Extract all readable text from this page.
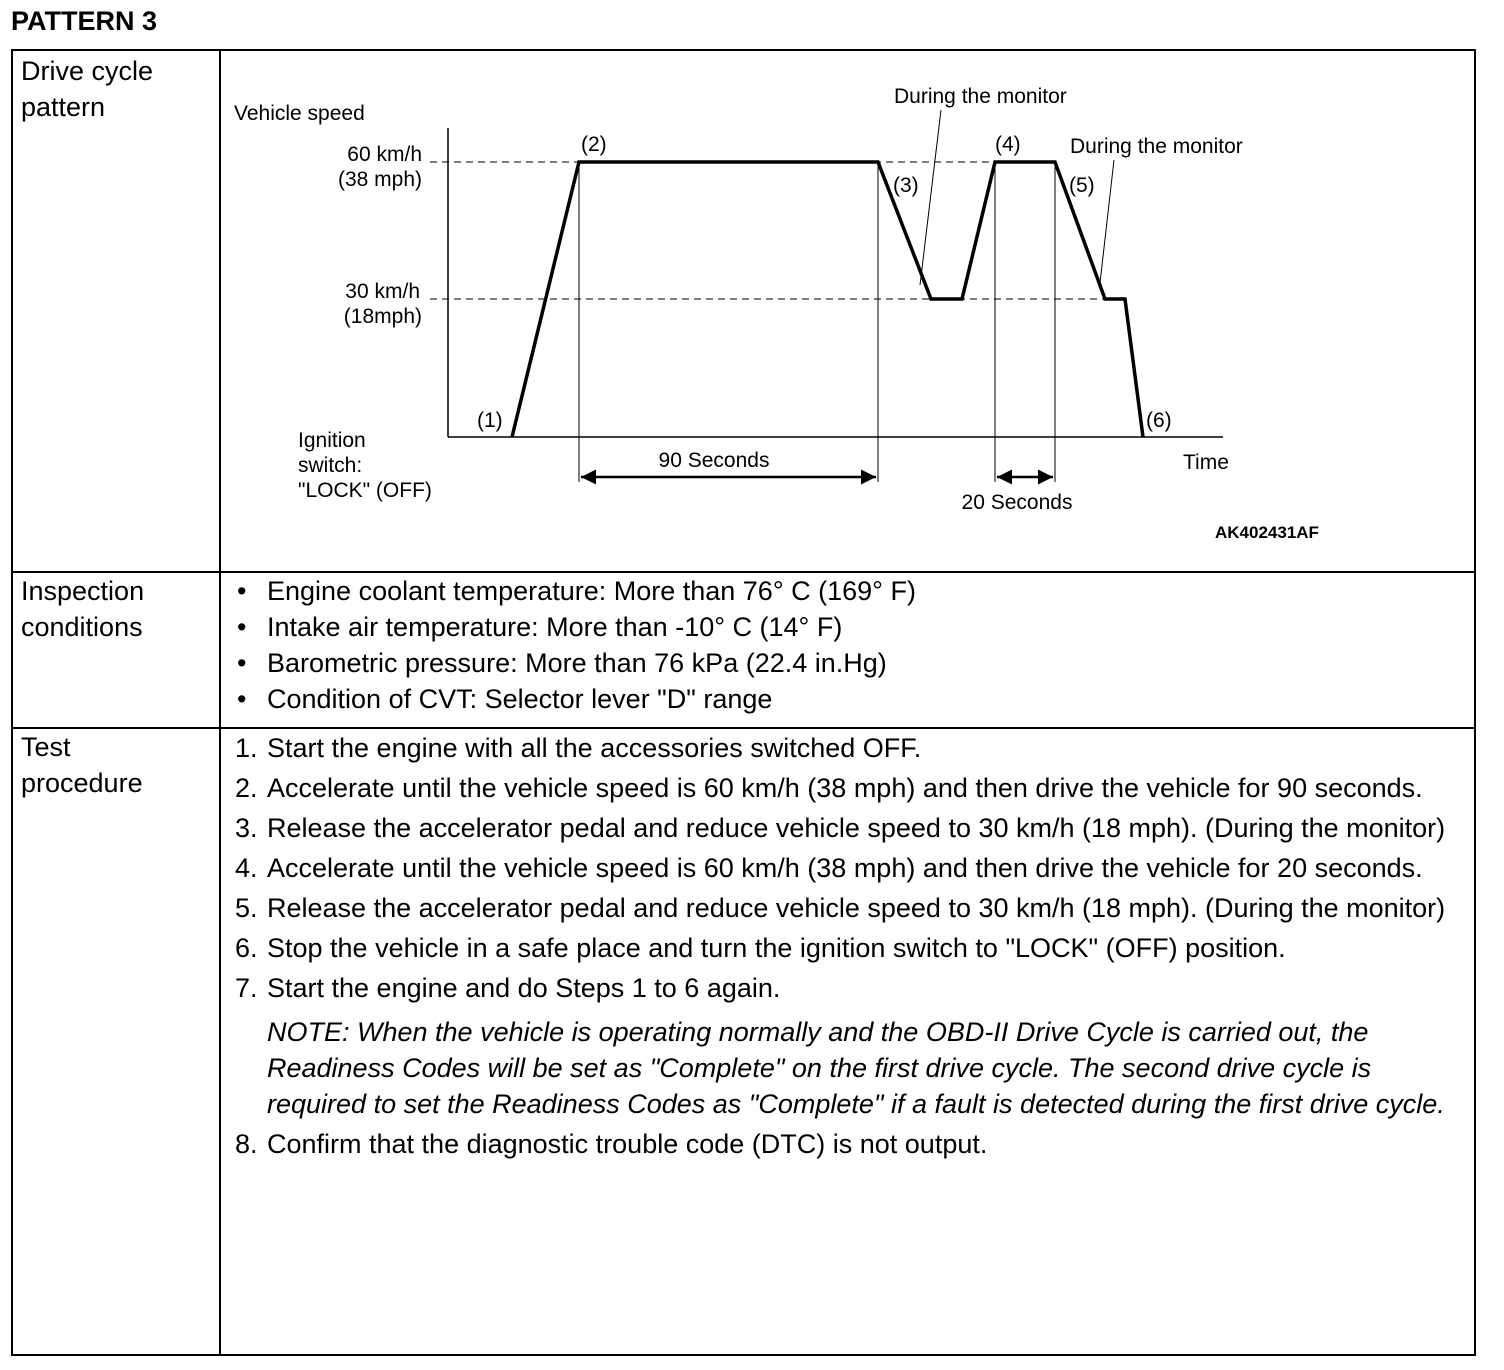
PATTERN 3
Drive cycle
pattern
Inspection
conditions
Test
procedure
• Engine coolant temperature: More than 76° C (169° F)
• Intake air temperature: More than -10° C (14° F)
• Barometric pressure: More than 76 kPa (22.4 in.Hg)
• Condition of CVT: Selector lever "D" range
1. Start the engine with all the accessories switched OFF.
2. Accelerate until the vehicle speed is 60 km/h (38 mph) and then drive the vehicle for 90 seconds.
3. Release the accelerator pedal and reduce vehicle speed to 30 km/h (18 mph). (During the monitor)
4. Accelerate until the vehicle speed is 60 km/h (38 mph) and then drive the vehicle for 20 seconds.
5. Release the accelerator pedal and reduce vehicle speed to 30 km/h (18 mph). (During the monitor)
6. Stop the vehicle in a safe place and turn the ignition switch to "LOCK" (OFF) position.
7. Start the engine and do Steps 1 to 6 again.
NOTE: When the vehicle is operating normally and the OBD-II Drive Cycle is carried out, the Readiness Codes will be set as "Complete" on the first drive cycle. The second drive cycle is required to set the Readiness Codes as "Complete" if a fault is detected during the first drive cycle.
8. Confirm that the diagnostic trouble code (DTC) is not output.
Vehicle speed
60 km/h
(38 mph)
30 km/h
(18mph)
Ignition
switch:
"LOCK" (OFF)
Time
90 Seconds
20 Seconds
During the monitor
During the monitor
(1)
(2)
(3)
(4)
(5)
(6)
AK402431AF
